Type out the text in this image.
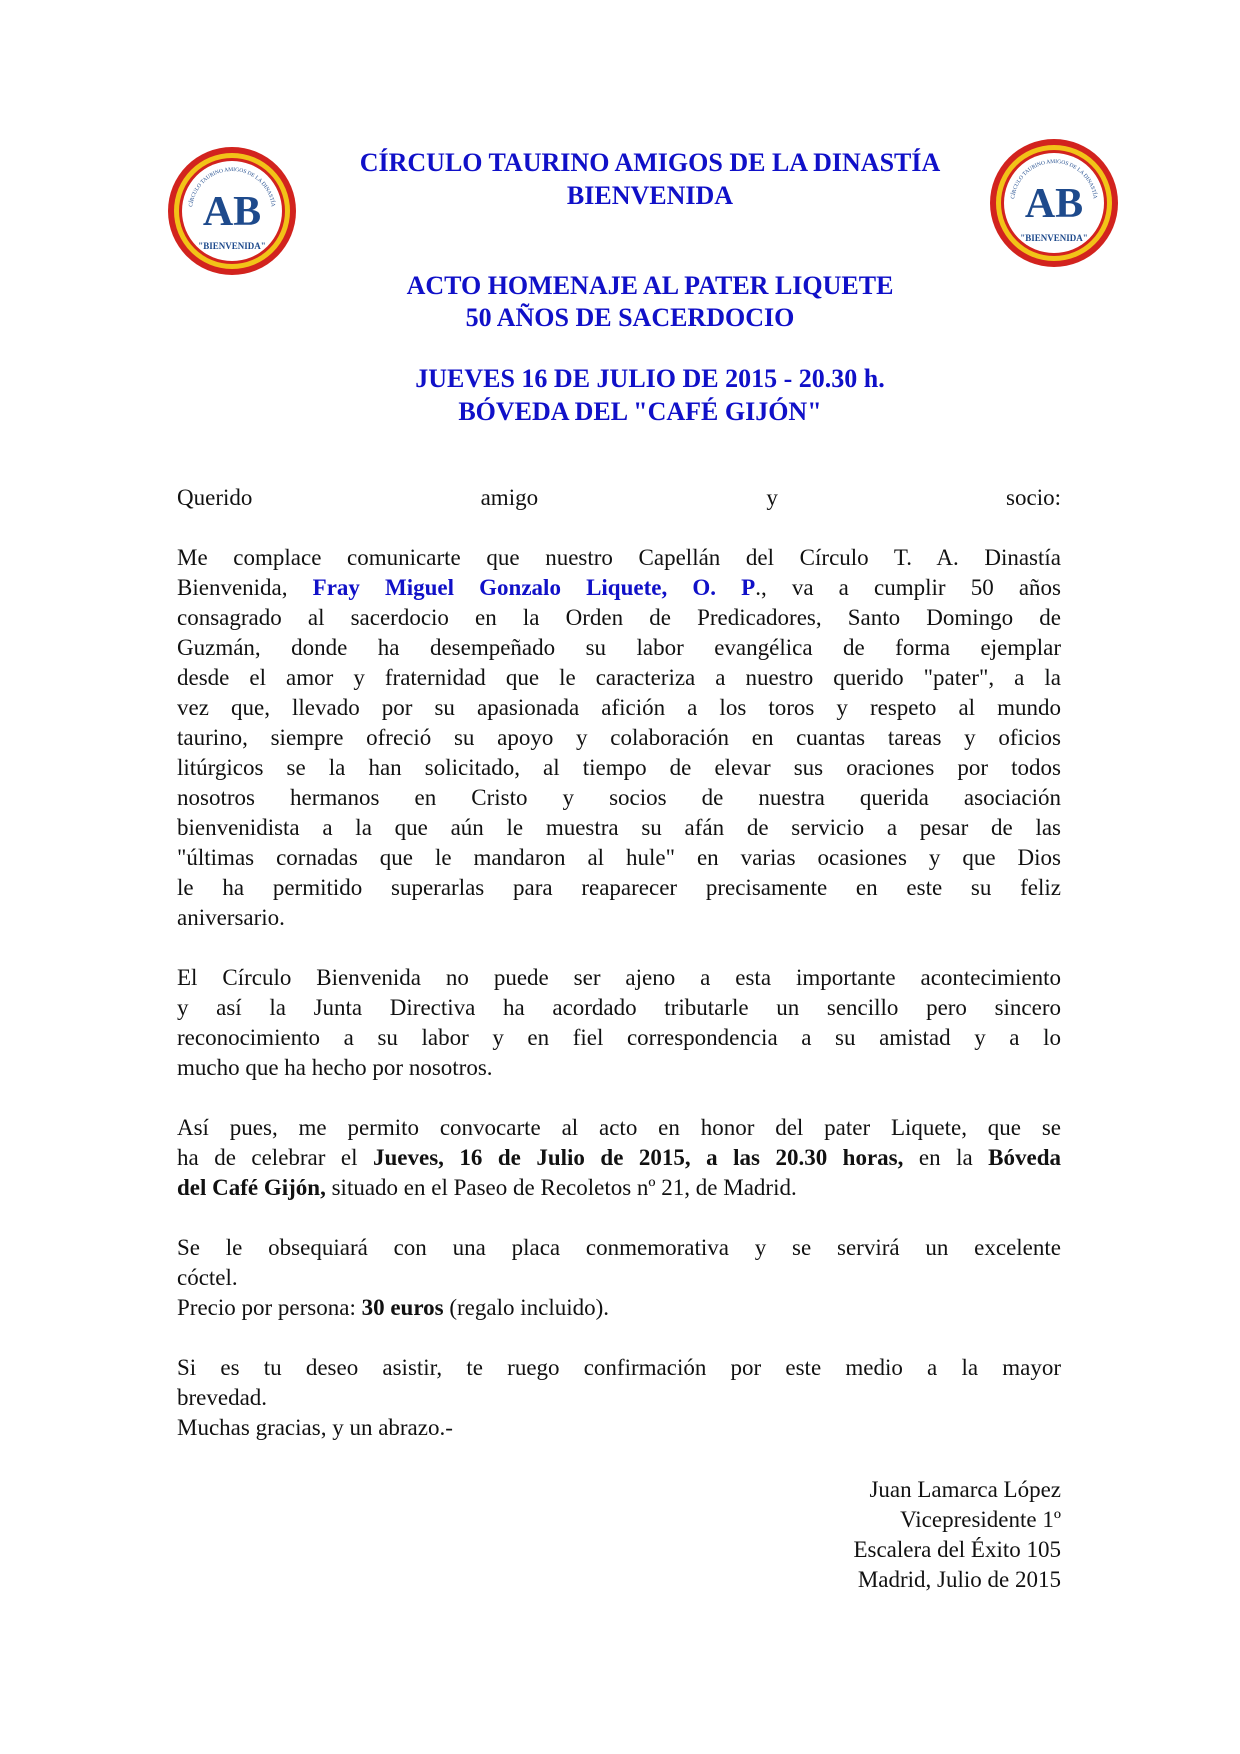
AB
"BIENVENIDA"
CÍRCULO TAURINO AMIGOS DE LA DINASTÍA	AB
"BIENVENIDA"
CÍRCULO TAURINO AMIGOS DE LA DINASTÍA
CÍRCULO TAURINO AMIGOS DE LA DINASTÍA
BIENVENIDA
ACTO HOMENAJE AL PATER LIQUETE
50 AÑOS DE SACERDOCIO
JUEVES 16 DE JULIO DE 2015 - 20.30 h.
BÓVEDA DEL "CAFÉ GIJÓN"
Querido	amigo	y	socio:
Me complace comunicarte que nuestro Capellán del Círculo T. A. Dinastía
Bienvenida, Fray Miguel Gonzalo Liquete, O. P., va a cumplir 50 años
consagrado al sacerdocio en la Orden de Predicadores, Santo Domingo de
Guzmán, donde ha desempeñado su labor evangélica de forma ejemplar
desde el amor y fraternidad que le caracteriza a nuestro querido "pater", a la
vez que, llevado por su apasionada afición a los toros y respeto al mundo
taurino, siempre ofreció su apoyo y colaboración en cuantas tareas y oficios
litúrgicos se la han solicitado, al tiempo de elevar sus oraciones por todos
nosotros hermanos en Cristo y socios de nuestra querida asociación
bienvenidista a la que aún le muestra su afán de servicio a pesar de las
"últimas cornadas que le mandaron al hule" en varias ocasiones y que Dios
le ha permitido superarlas para reaparecer precisamente en este su feliz
aniversario.
El Círculo Bienvenida no puede ser ajeno a esta importante acontecimiento
y así la Junta Directiva ha acordado tributarle un sencillo pero sincero
reconocimiento a su labor y en fiel correspondencia a su amistad y a lo
mucho que ha hecho por nosotros.
Así pues, me permito convocarte al acto en honor del pater Liquete, que se
ha de celebrar el Jueves, 16 de Julio de 2015, a las 20.30 horas, en la Bóveda
del Café Gijón, situado en el Paseo de Recoletos nº 21, de Madrid.
Se le obsequiará con una placa conmemorativa y se servirá un excelente
cóctel.
Precio por persona: 30 euros (regalo incluido).
Si es tu deseo asistir, te ruego confirmación por este medio a la mayor
brevedad.
Muchas gracias, y un abrazo.-
Juan Lamarca López
Vicepresidente 1º
Escalera del Éxito 105
Madrid, Julio de 2015
